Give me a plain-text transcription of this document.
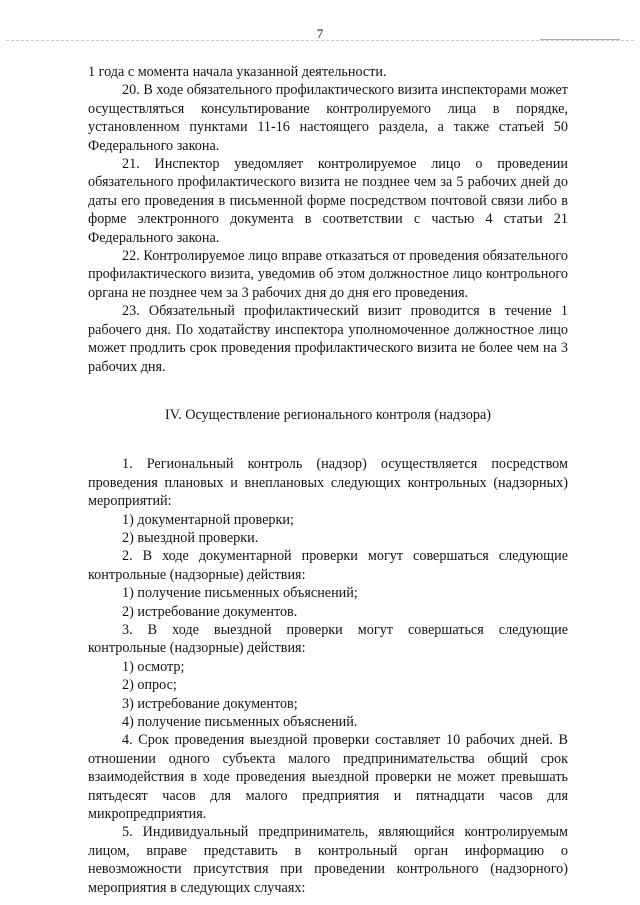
7

1 года с момента начала указанной деятельности.

20. В ходе обязательного профилактического визита инспекторами может осуществляться консультирование контролируемого лица в порядке, установленном пунктами 11-16 настоящего раздела, а также статьей 50 Федерального закона.

21. Инспектор уведомляет контролируемое лицо о проведении обязательного профилактического визита не позднее чем за 5 рабочих дней до даты его проведения в письменной форме посредством почтовой связи либо в форме электронного документа в соответствии с частью 4 статьи 21 Федерального закона.

22. Контролируемое лицо вправе отказаться от проведения обязательного профилактического визита, уведомив об этом должностное лицо контрольного органа не позднее чем за 3 рабочих дня до дня его проведения.

23. Обязательный профилактический визит проводится в течение 1 рабочего дня. По ходатайству инспектора уполномоченное должностное лицо может продлить срок проведения профилактического визита не более чем на 3 рабочих дня.

IV. Осуществление регионального контроля (надзора)

1. Региональный контроль (надзор) осуществляется посредством проведения плановых и внеплановых следующих контрольных (надзорных) мероприятий:

1) документарной проверки;

2) выездной проверки.

2. В ходе документарной проверки могут совершаться следующие контрольные (надзорные) действия:

1) получение письменных объяснений;

2) истребование документов.

3. В ходе выездной проверки могут совершаться следующие контрольные (надзорные) действия:

1) осмотр;

2) опрос;

3) истребование документов;

4) получение письменных объяснений.

4. Срок проведения выездной проверки составляет 10 рабочих дней. В отношении одного субъекта малого предпринимательства общий срок взаимодействия в ходе проведения выездной проверки не может превышать пятьдесят часов для малого предприятия и пятнадцати часов для микропредприятия.

5. Индивидуальный предприниматель, являющийся контролируемым лицом, вправе представить в контрольный орган информацию о невозможности присутствия при проведении контрольного (надзорного) мероприятия в следующих случаях:
